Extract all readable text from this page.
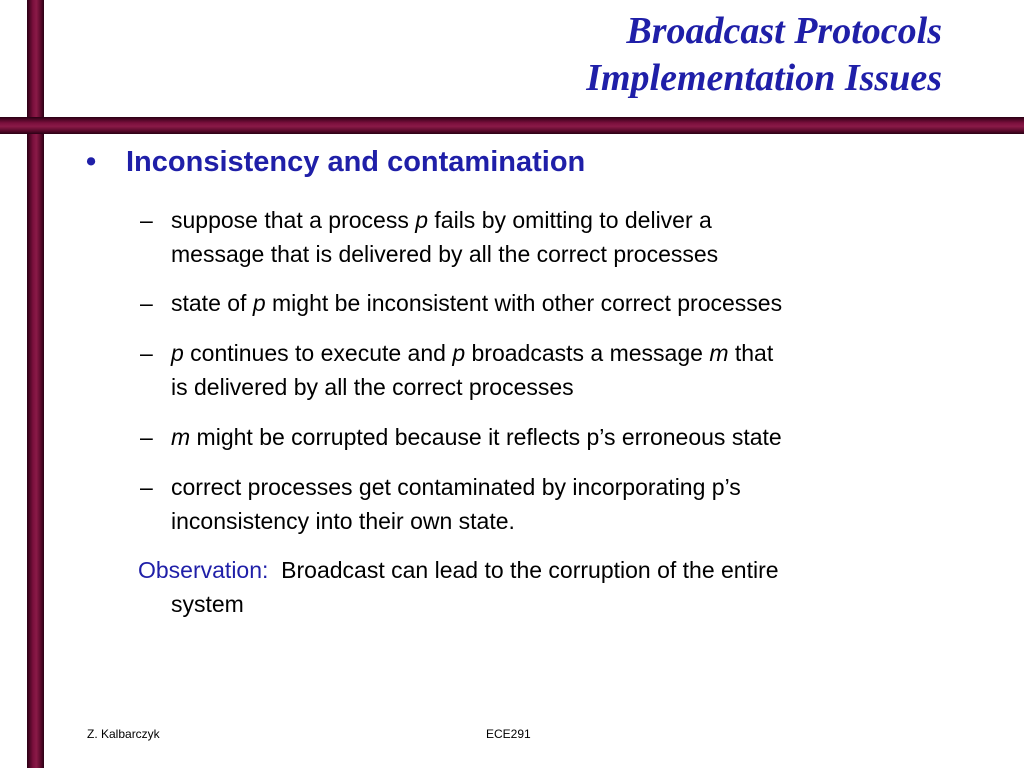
Broadcast Protocols
Implementation Issues
• Inconsistency and contamination
– suppose that a process p fails by omitting to deliver a
message that is delivered by all the correct processes
– state of p might be inconsistent with other correct processes
– p continues to execute and p broadcasts a message m that
is delivered by all the correct processes
– m might be corrupted because it reflects p’s erroneous state
– correct processes get contaminated by incorporating p’s
inconsistency into their own state.
Observation:  Broadcast can lead to the corruption of the entire
system
Z. Kalbarczyk	ECE291
